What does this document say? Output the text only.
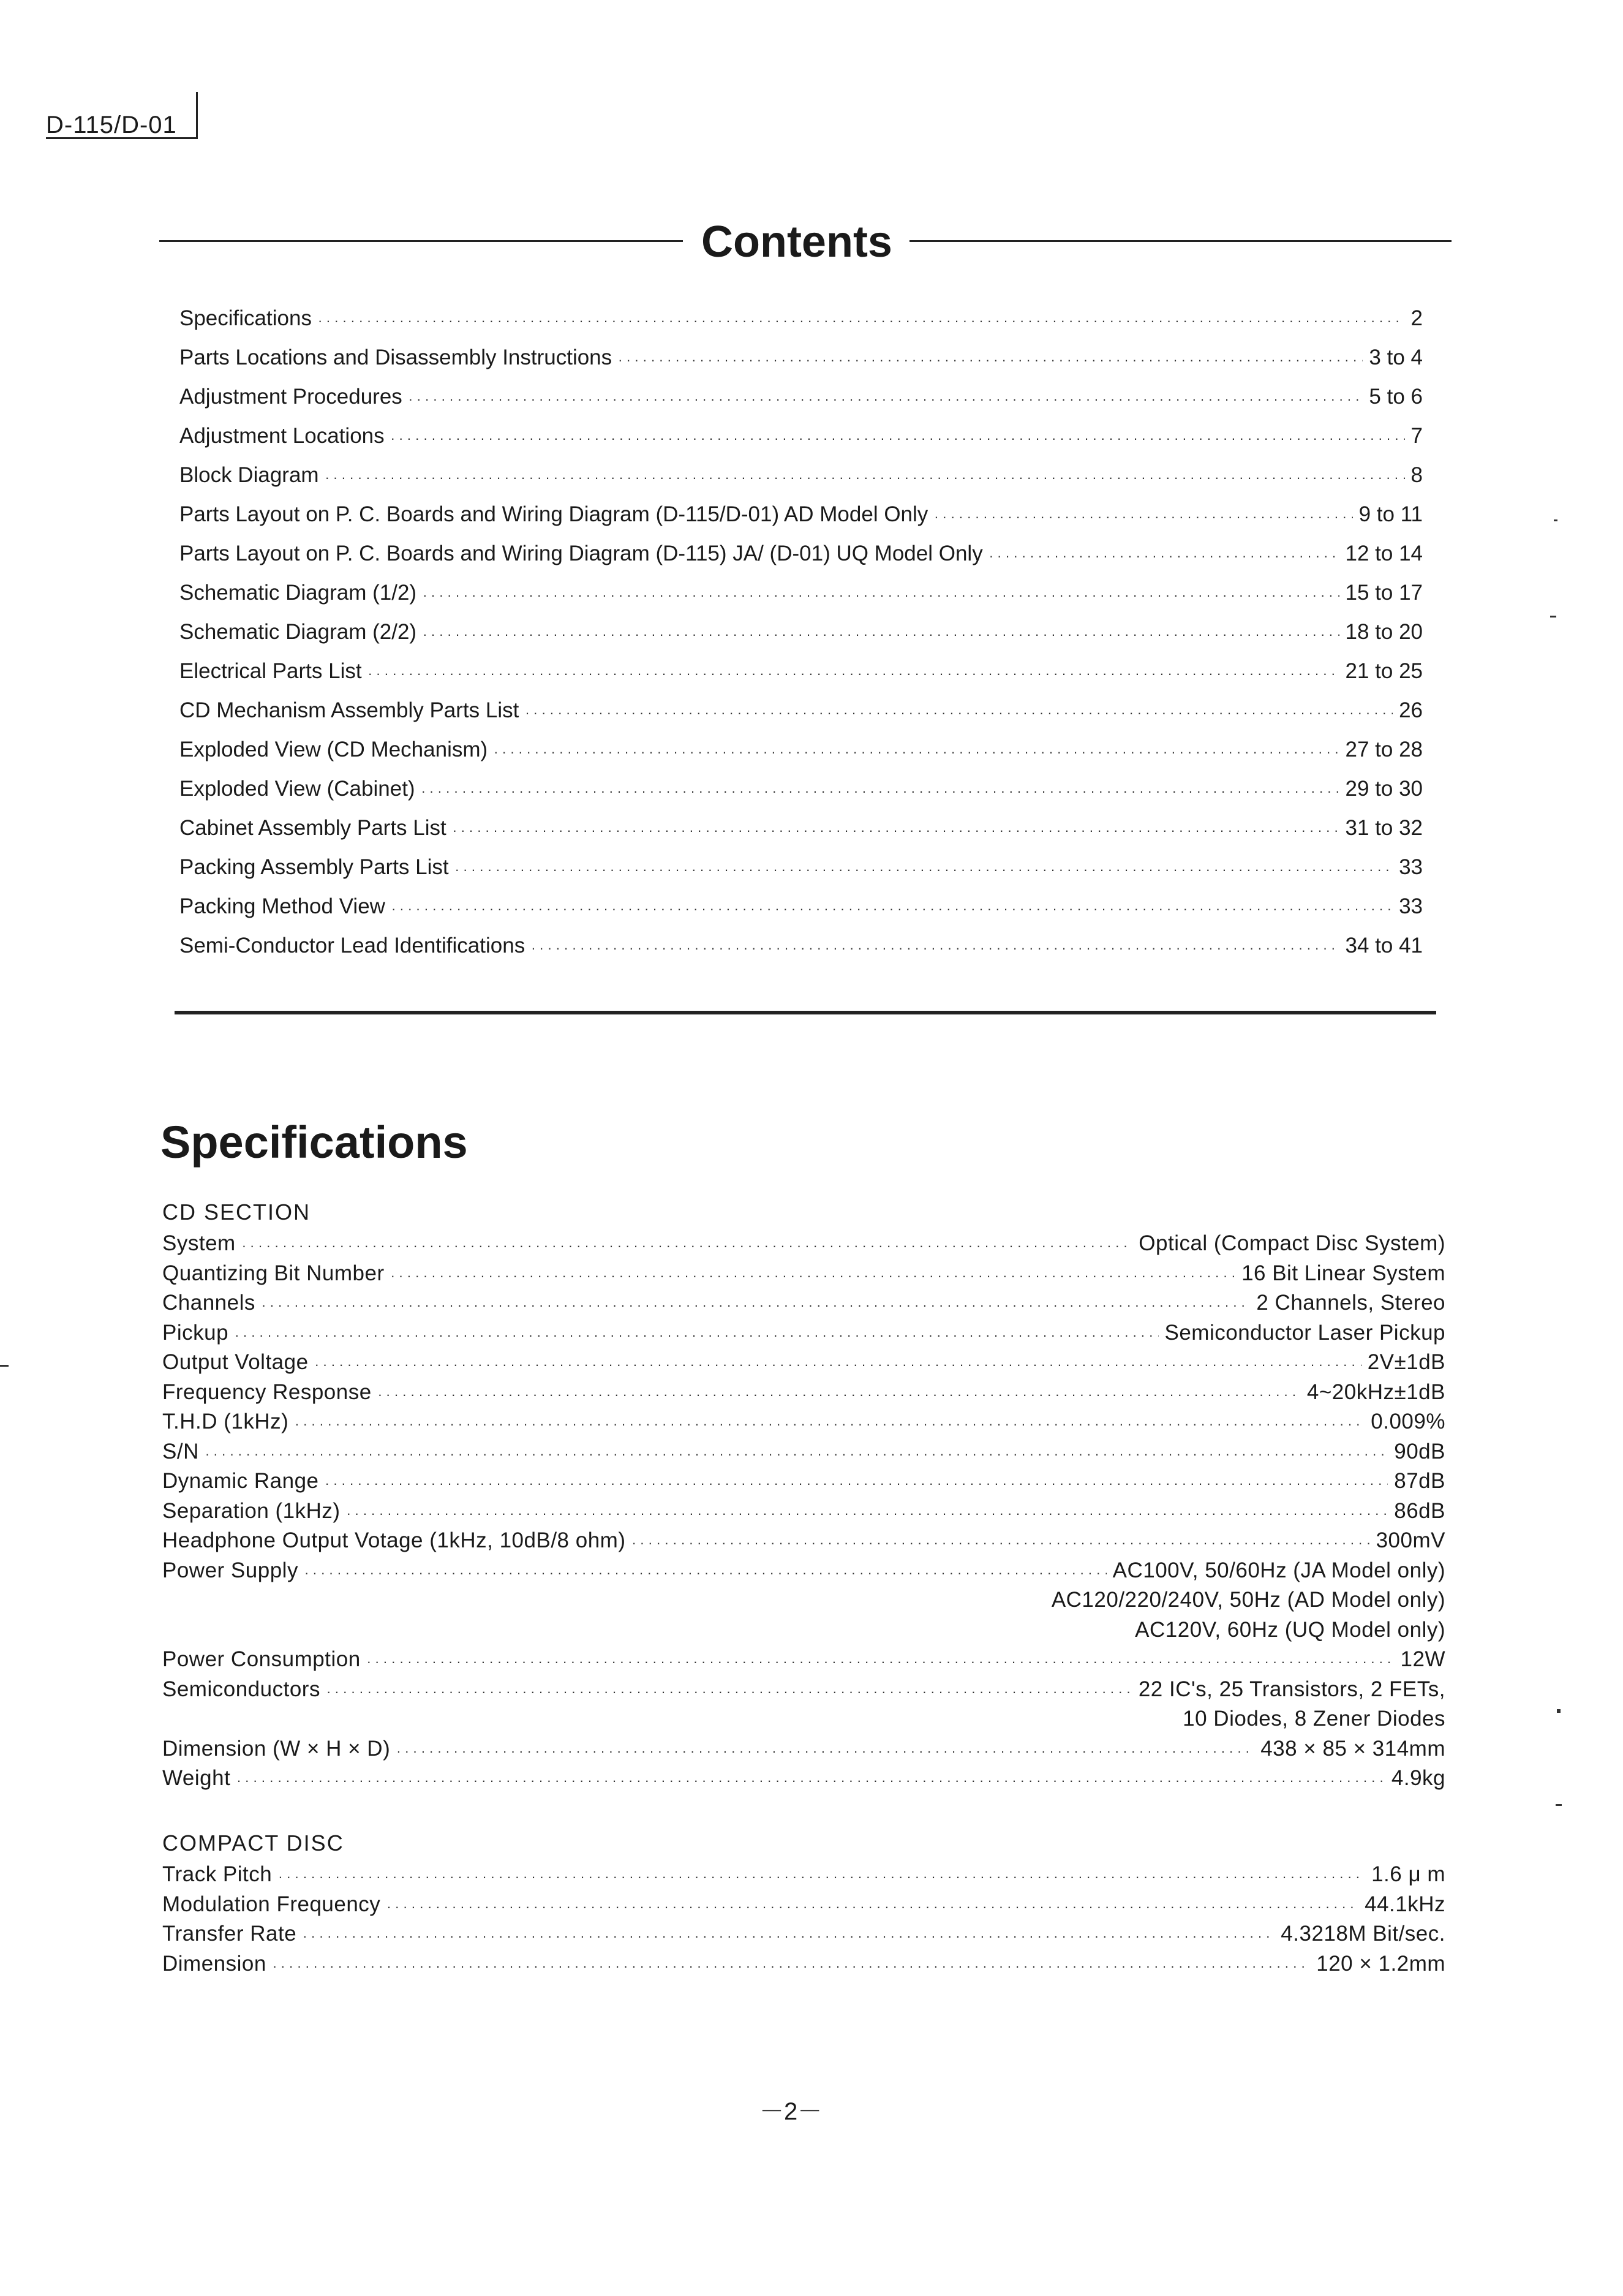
D-115/D-01
Contents
Specifications ·····	2
Parts Locations and Disassembly Instructions ·····	3 to 4
Adjustment Procedures ·····	5 to 6
Adjustment Locations ·····	7
Block Diagram ·····	8
Parts Layout on P. C. Boards and Wiring Diagram (D-115/D-01) AD Model Only ·····	9 to 11
Parts Layout on P. C. Boards and Wiring Diagram (D-115) JA/ (D-01) UQ Model Only ·····	12 to 14
Schematic Diagram (1/2) ·····	15 to 17
Schematic Diagram (2/2) ·····	18 to 20
Electrical Parts List ·····	21 to 25
CD Mechanism Assembly Parts List ·····	26
Exploded View (CD Mechanism) ·····	27 to 28
Exploded View (Cabinet) ·····	29 to 30
Cabinet Assembly Parts List ·····	31 to 32
Packing Assembly Parts List ·····	33
Packing Method View ·····	33
Semi-Conductor Lead Identifications ·····	34 to 41
Specifications
CD SECTION
System ·····	Optical (Compact Disc System)
Quantizing Bit Number ·····	16 Bit Linear System
Channels ·····	2 Channels, Stereo
Pickup ·····	Semiconductor Laser Pickup
Output Voltage ·····	2V±1dB
Frequency Response ·····	4~20kHz±1dB
T.H.D (1kHz) ·····	0.009%
S/N ·····	90dB
Dynamic Range ·····	87dB
Separation (1kHz) ·····	86dB
Headphone Output Votage (1kHz, 10dB/8 ohm) ·····	300mV
Power Supply ·····	AC100V, 50/60Hz (JA Model only)
AC120/220/240V, 50Hz (AD Model only)
AC120V, 60Hz (UQ Model only)
Power Consumption ·····	12W
Semiconductors ·····	22 IC's, 25 Transistors, 2 FETs,
10 Diodes, 8 Zener Diodes
Dimension (W × H × D) ·····	438 × 85 × 314mm
Weight ·····	4.9kg
COMPACT DISC
Track Pitch ·····	1.6 μ m
Modulation Frequency ·····	44.1kHz
Transfer Rate ·····	4.3218M Bit/sec.
Dimension ·····	120 × 1.2mm
－2－
